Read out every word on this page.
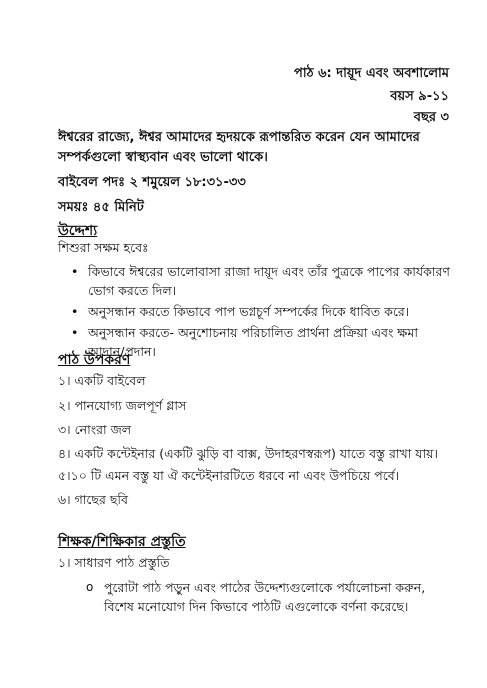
পাঠ ৬: দায়ূদ এবং অবশালোম
বয়স ৯-১১
বছর ৩
ঈশ্বরের রাজ্যে, ঈশ্বর আমাদের হৃদয়কে রূপান্তরিত করেন যেন আমাদের সম্পর্কগুলো স্বাস্থ্যবান এবং ভালো থাকে।
বাইবেল পদঃ ২ শমুয়েল ১৮:৩১-৩৩
সময়ঃ ৪৫ মিনিট
উদ্দেশ্য
শিশুরা সক্ষম হবেঃ
• কিভাবে ঈশ্বরের ভালোবাসা রাজা দায়ূদ এবং তাঁর পুত্রকে পাপের কার্যকারণ ভোগ করতে দিল।
• অনুসন্ধান করতে কিভাবে পাপ ভগ্নচূর্ণ সম্পর্কের দিকে ধাবিত করে।
• অনুসন্ধান করতে- অনুশোচনায় পরিচালিত প্রার্থনা প্রক্রিয়া এবং ক্ষমা আদান/প্রদান।
পাঠ উপকরণ
১। একটি বাইবেল
২। পানযোগ্য জলপূর্ণ গ্লাস
৩। নোংরা জল
৪। একটি কন্টেইনার (একটি ঝুড়ি বা বাক্স, উদাহরণস্বরূপ) যাতে বস্তু রাখা যায়।
৫।১০ টি এমন বস্তু যা ঐ কন্টেইনারটিতে ধরবে না এবং উপচিয়ে পর্বে।
৬। গাছের ছবি
শিক্ষক/শিক্ষিকার প্রস্তুতি
১। সাধারণ পাঠ প্রস্তুতি
o পুরোটা পাঠ পড়ুন এবং পাঠের উদ্দেশ্যগুলোকে পর্যালোচনা করুন, বিশেষ মনোযোগ দিন কিভাবে পাঠটি এগুলোকে বর্ণনা করেছে।
